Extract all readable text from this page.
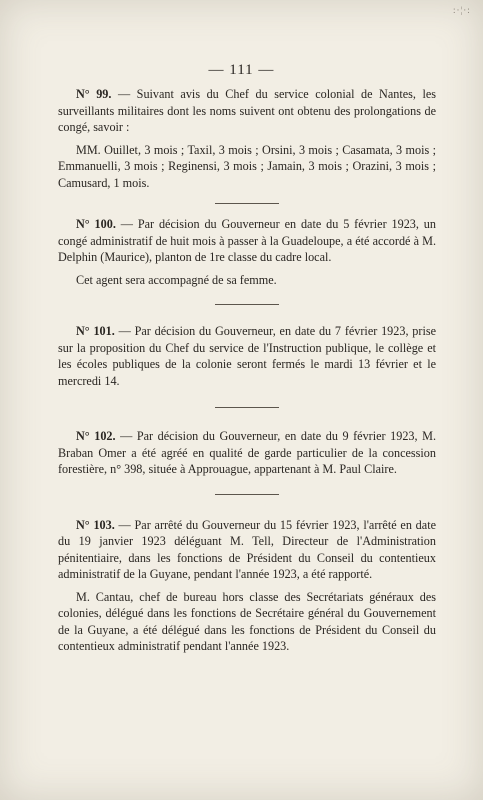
:·¦·:
— 111 —

N° 99. — Suivant avis du Chef du service colonial de Nantes, les surveillants militaires dont les noms suivent ont obtenu des prolongations de congé, savoir :

MM. Ouillet, 3 mois ; Taxil, 3 mois ; Orsini, 3 mois ; Casamata, 3 mois ; Emmanuelli, 3 mois ; Reginensi, 3 mois ; Jamain, 3 mois ; Orazini, 3 mois ; Camusard, 1 mois.

N° 100. — Par décision du Gouverneur en date du 5 février 1923, un congé administratif de huit mois à passer à la Guadeloupe, a été accordé à M. Delphin (Maurice), planton de 1re classe du cadre local.

Cet agent sera accompagné de sa femme.

N° 101. — Par décision du Gouverneur, en date du 7 février 1923, prise sur la proposition du Chef du service de l'Instruction publique, le collège et les écoles publiques de la colonie seront fermés le mardi 13 février et le mercredi 14.

N° 102. — Par décision du Gouverneur, en date du 9 février 1923, M. Braban Omer a été agréé en qualité de garde particulier de la concession forestière, n° 398, située à Approuague, appartenant à M. Paul Claire.

N° 103. — Par arrêté du Gouverneur du 15 février 1923, l'arrêté en date du 19 janvier 1923 déléguant M. Tell, Directeur de l'Administration pénitentiaire, dans les fonctions de Président du Conseil du contentieux administratif de la Guyane, pendant l'année 1923, a été rapporté.

M. Cantau, chef de bureau hors classe des Secrétariats généraux des colonies, délégué dans les fonctions de Secrétaire général du Gouvernement de la Guyane, a été délégué dans les fonctions de Président du Conseil du contentieux administratif pendant l'année 1923.
